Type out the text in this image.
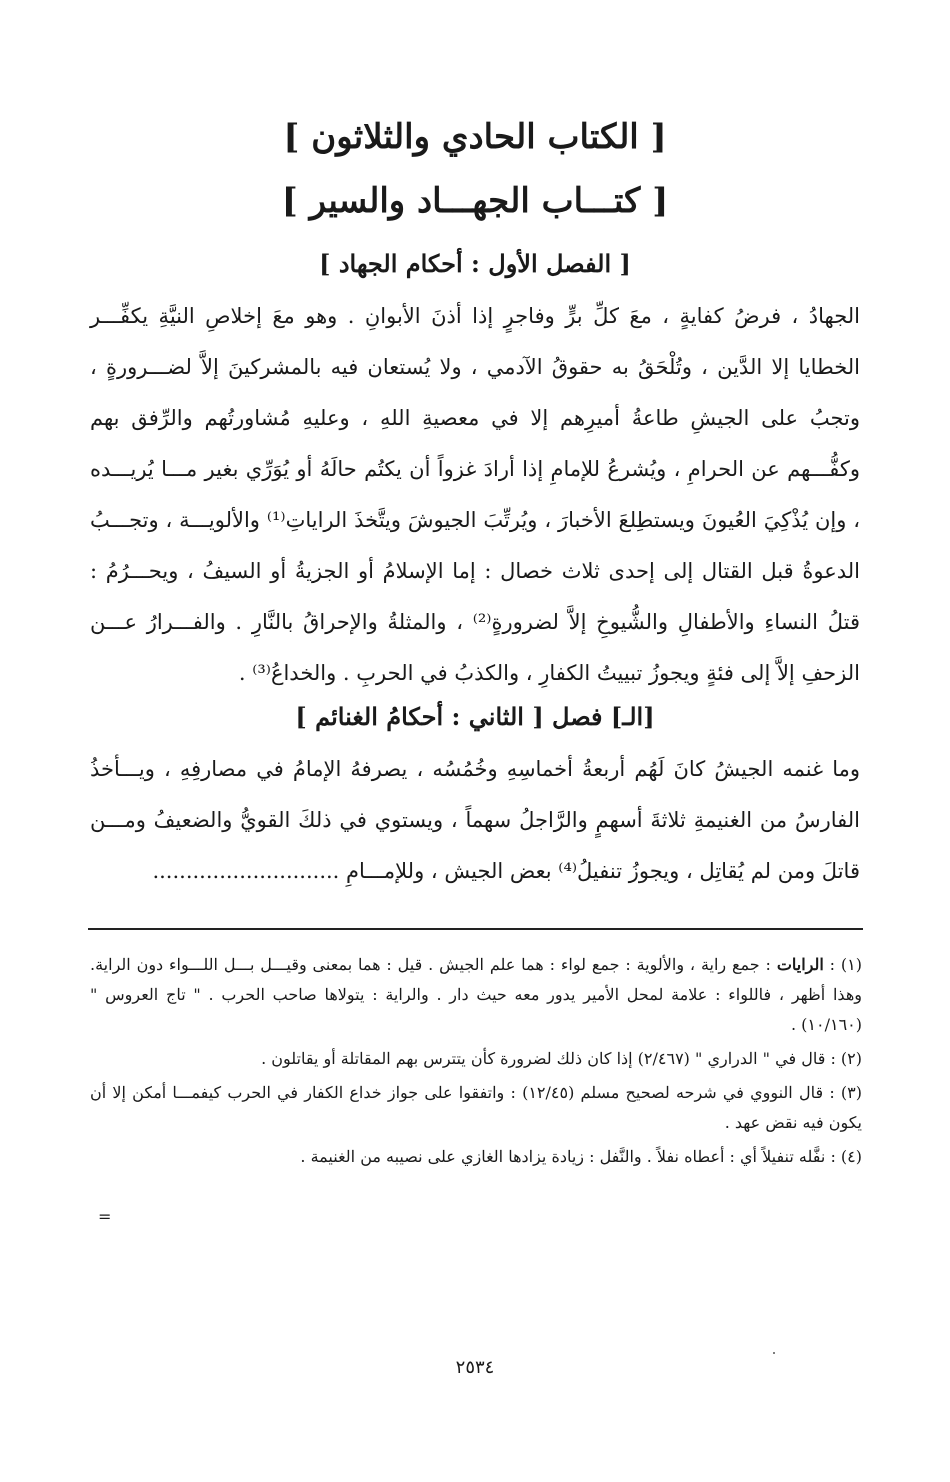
[ الكتاب الحادي والثلاثون ]
[ كتـــاب الجهـــاد والسير ]
[ الفصل الأول : أحكام الجهاد ]

الجهادُ ، فرضُ كفايةٍ ، معَ كلِّ برٍّ وفاجرٍ إذا أذنَ الأبوانِ . وهو معَ إخلاصِ النيَّةِ يكفِّـــر الخطايا إلا الدَّين ، وتُلْحَقُ به حقوقُ الآدمي ، ولا يُستعان فيه بالمشركينَ إلاَّ لضـــرورةٍ ، وتجبُ على الجيشِ طاعةُ أميرِهم إلا في معصيةِ اللهِ ، وعليهِ مُشاورتُهم والرِّفق بهم وكفُّـــهم عن الحرامِ ، ويُشرعُ للإمامِ إذا أرادَ غزواً أن يكتُم حالَهُ أو يُوَرِّي بغير مـــا يُريـــده ، وإن يُذْكِيَ العُيونَ ويستطِلعَ الأخبارَ ، ويُرتِّبَ الجيوشَ ويتَّخذَ الراياتِ⁽¹⁾ والألويـــة ، وتجـــبُ الدعوةُ قبل القتال إلى إحدى ثلاث خصال : إما الإسلامُ أو الجزيةُ أو السيفُ ، ويحـــرُمُ : قتلُ النساءِ والأطفالِ والشُّيوخِ إلاَّ لضرورةٍ⁽²⁾ ، والمثلةُ والإحراقُ بالنَّارِ . والفـــرارُ عـــن الزحفِ إلاَّ إلى فئةٍ ويجوزُ تبييتُ الكفارِ ، والكذبُ في الحربِ . والخداعُ⁽³⁾ .

[الـ] فصل [ الثاني : أحكامُ الغنائم ]

وما غنمه الجيشُ كانَ لَهُم أربعةُ أخماسِهِ وخُمُسُه ، يصرفهُ الإمامُ في مصارفِهِ ، ويـــأخذُ الفارسُ من الغنيمةِ ثلاثةَ أسهمٍ والرَّاجلُ سهماً ، ويستوي في ذلكَ القويُّ والضعيفُ ومـــن قاتلَ ومن لم يُقاتِل ، ويجوزُ تنفيلُ⁽⁴⁾ بعض الجيش ، وللإمـــامِ ............................

(١) : الرايات : جمع راية ، والألوية : جمع لواء : هما علم الجيش . قيل : هما بمعنى وقيـــل بـــل اللـــواء دون الراية. وهذا أظهر ، فاللواء : علامة لمحل الأمير يدور معه حيث دار . والراية : يتولاها صاحب الحرب . " تاج العروس " (١٠/١٦٠) .
(٢) : قال في " الدراري " (٢/٤٦٧) إذا كان ذلك لضرورة كأن يتترس بهم المقاتلة أو يقاتلون .
(٣) : قال النووي في شرحه لصحيح مسلم (١٢/٤٥) : واتفقوا على جواز خداع الكفار في الحرب كيفمـــا أمكن إلا أن يكون فيه نقض عهد .
(٤) : نفَّله تنفيلاً أي : أعطاه نفلاً . والنَّفل : زيادة يزادها الغازي على نصيبه من الغنيمة .
=
٢٥٣٤
